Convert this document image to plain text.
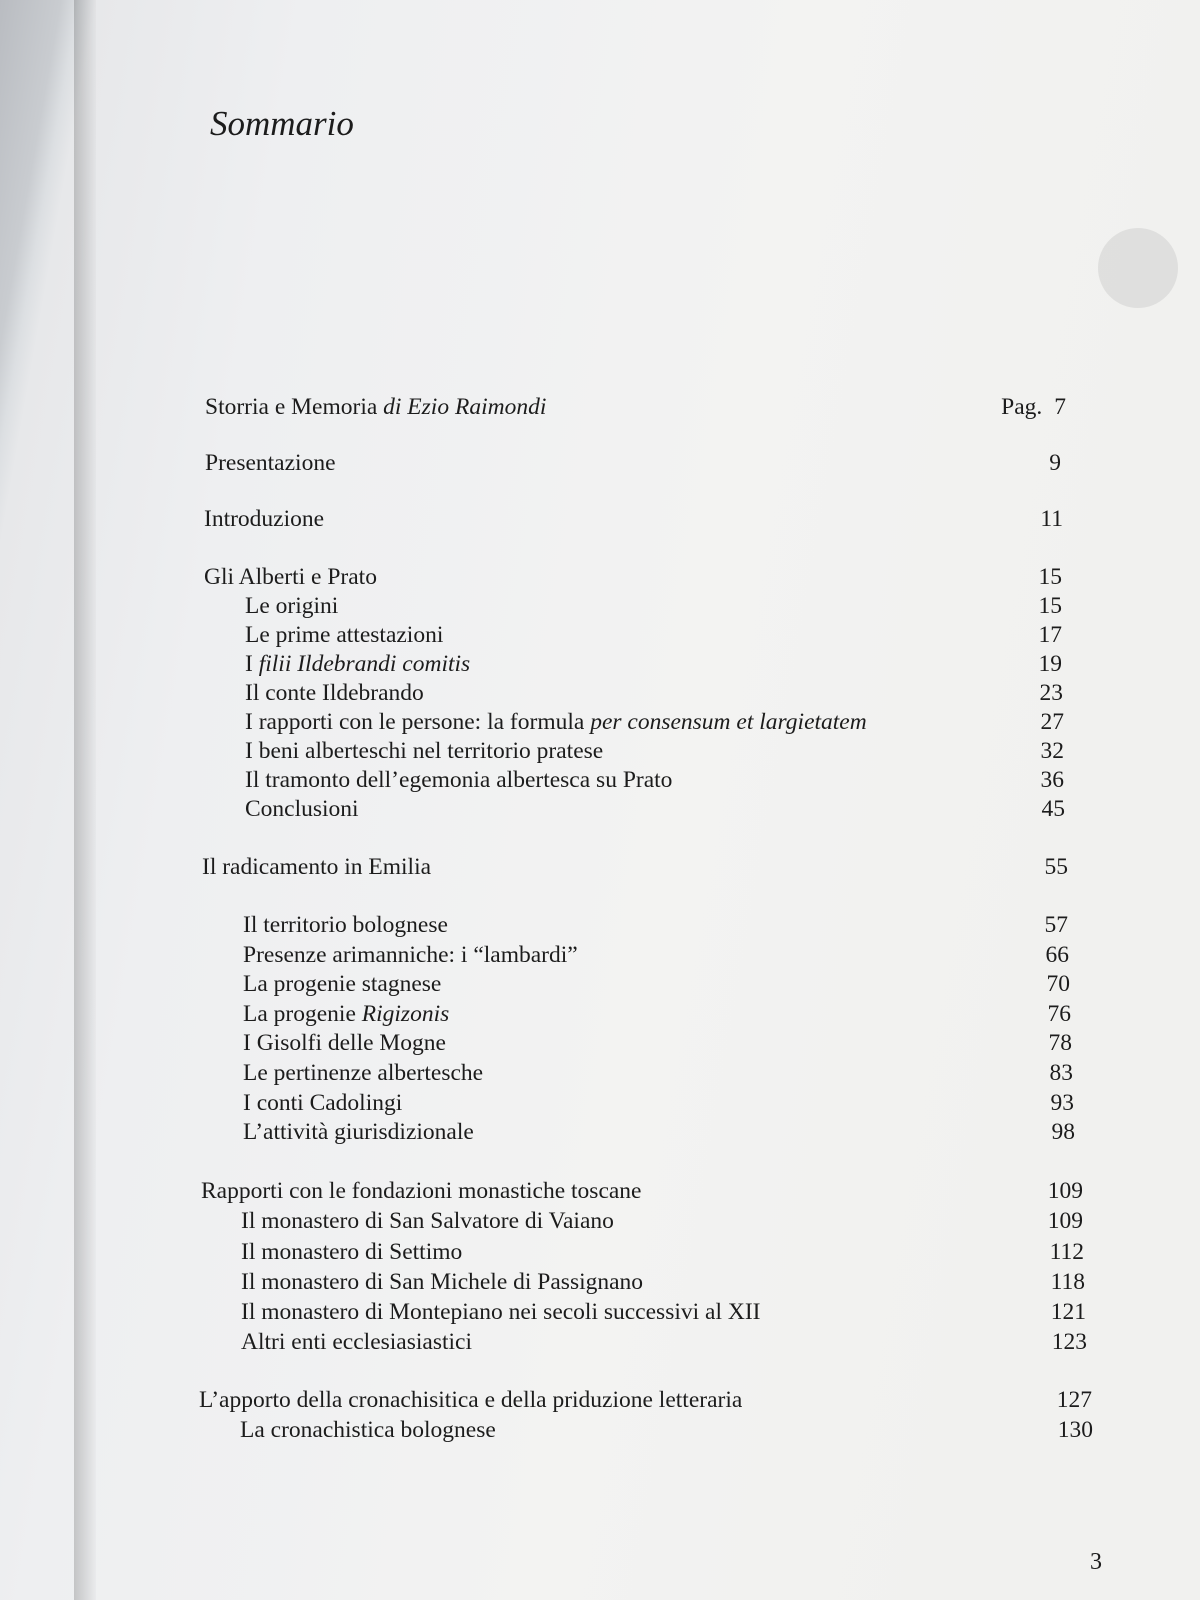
Sommario
Storria e Memoria di Ezio Raimondi	Pag. 7
Presentazione	9
Introduzione	11
Gli Alberti e Prato	15
Le origini	15
Le prime attestazioni	17
I filii Ildebrandi comitis	19
Il conte Ildebrando	23
I rapporti con le persone: la formula per consensum et largietatem	27
I beni alberteschi nel territorio pratese	32
Il tramonto dell’egemonia albertesca su Prato	36
Conclusioni	45
Il radicamento in Emilia	55
Il territorio bolognese	57
Presenze arimanniche: i “lambardi”	66
La progenie stagnese	70
La progenie Rigizonis	76
I Gisolfi delle Mogne	78
Le pertinenze albertesche	83
I conti Cadolingi	93
L’attività giurisdizionale	98
Rapporti con le fondazioni monastiche toscane	109
Il monastero di San Salvatore di Vaiano	109
Il monastero di Settimo	112
Il monastero di San Michele di Passignano	118
Il monastero di Montepiano nei secoli successivi al XII	121
Altri enti ecclesiasiastici	123
L’apporto della cronachisitica e della priduzione letteraria	127
La cronachistica bolognese	130
3
